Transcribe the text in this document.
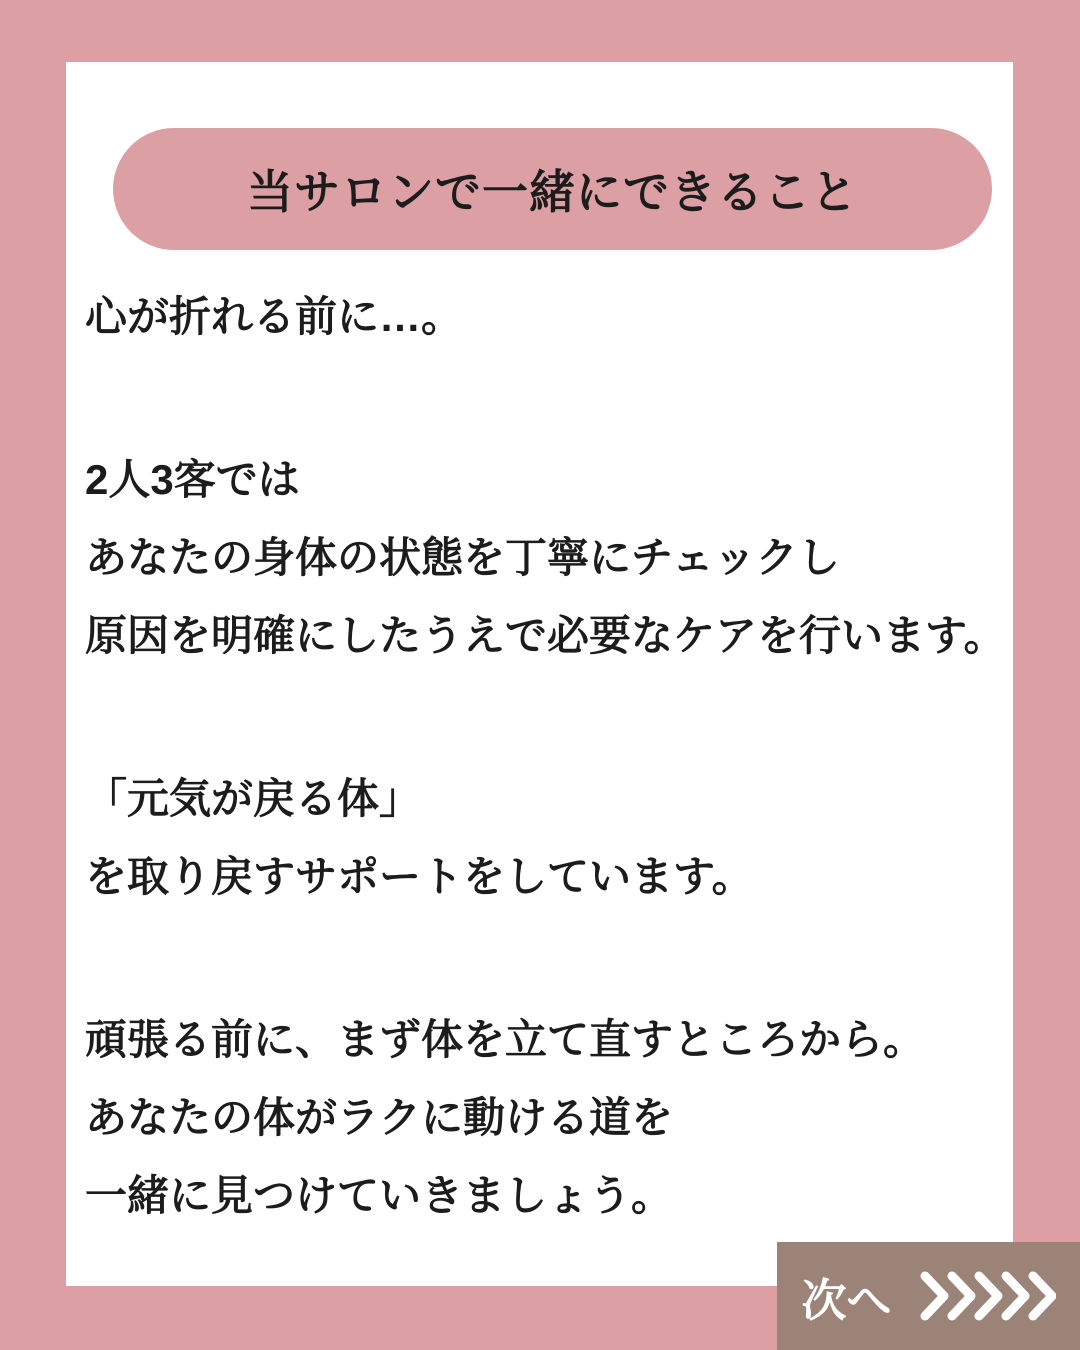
当サロンで一緒にできること
心が折れる前に…。
2人3客では
あなたの身体の状態を丁寧にチェックし
原因を明確にしたうえで必要なケアを行います。
「元気が戻る体」
を取り戻すサポートをしています。
頑張る前に、まず体を立て直すところから。
あなたの体がラクに動ける道を
一緒に見つけていきましょう。
次へ
